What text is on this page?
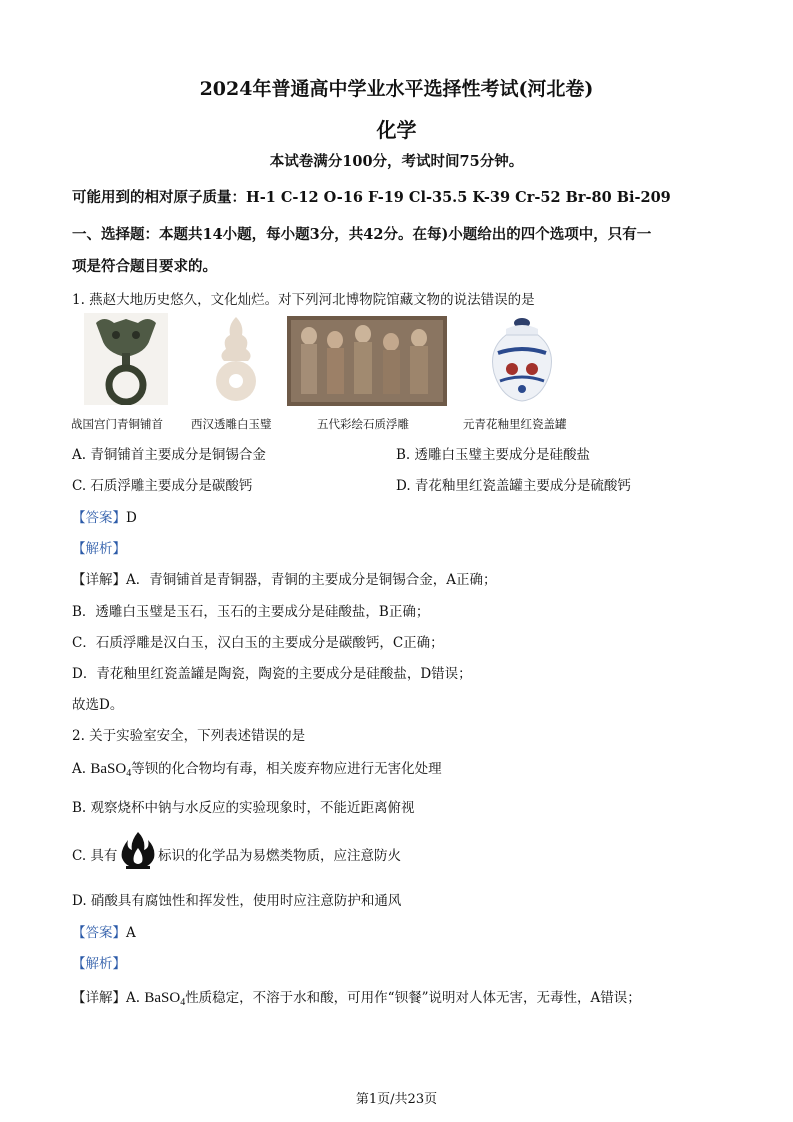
2024年普通高中学业水平选择性考试(河北卷)
化学
本试卷满分100分，考试时间75分钟。
可能用到的相对原子质量：H-1 C-12 O-16 F-19 Cl-35.5 K-39 Cr-52 Br-80 Bi-209
一、选择题：本题共14小题，每小题3分，共42分。在每)小题给出的四个选项中，只有一
项是符合题目要求的。
1. 燕赵大地历史悠久，文化灿烂。对下列河北博物院馆藏文物的说法错误的是
战国宫门青铜铺首 西汉透雕白玉璧	五代彩绘石质浮雕	元青花釉里红瓷盖罐
A. 青铜铺首主要成分是铜锡合金	B. 透雕白玉璧主要成分是硅酸盐
C. 石质浮雕主要成分是碳酸钙	D. 青花釉里红瓷盖罐主要成分是硫酸钙
【答案】D
【解析】
【详解】A．青铜铺首是青铜器，青铜的主要成分是铜锡合金，A正确；
B．透雕白玉璧是玉石，玉石的主要成分是硅酸盐，B正确；
C．石质浮雕是汉白玉，汉白玉的主要成分是碳酸钙，C正确；
D．青花釉里红瓷盖罐是陶瓷，陶瓷的主要成分是硅酸盐，D错误；
故选D。
2. 关于实验室安全，下列表述错误的是
A. BaSO$_4$等钡的化合物均有毒，相关废弃物应进行无害化处理
B. 观察烧杯中钠与水反应的实验现象时，不能近距离俯视
C. 具有	标识的化学品为易燃类物质，应注意防火
D. 硝酸具有腐蚀性和挥发性，使用时应注意防护和通风
【答案】A
【解析】
【详解】A. BaSO$_4$性质稳定，不溶于水和酸，可用作“钡餐”说明对人体无害，无毒性，A错误；
第1页/共23页
